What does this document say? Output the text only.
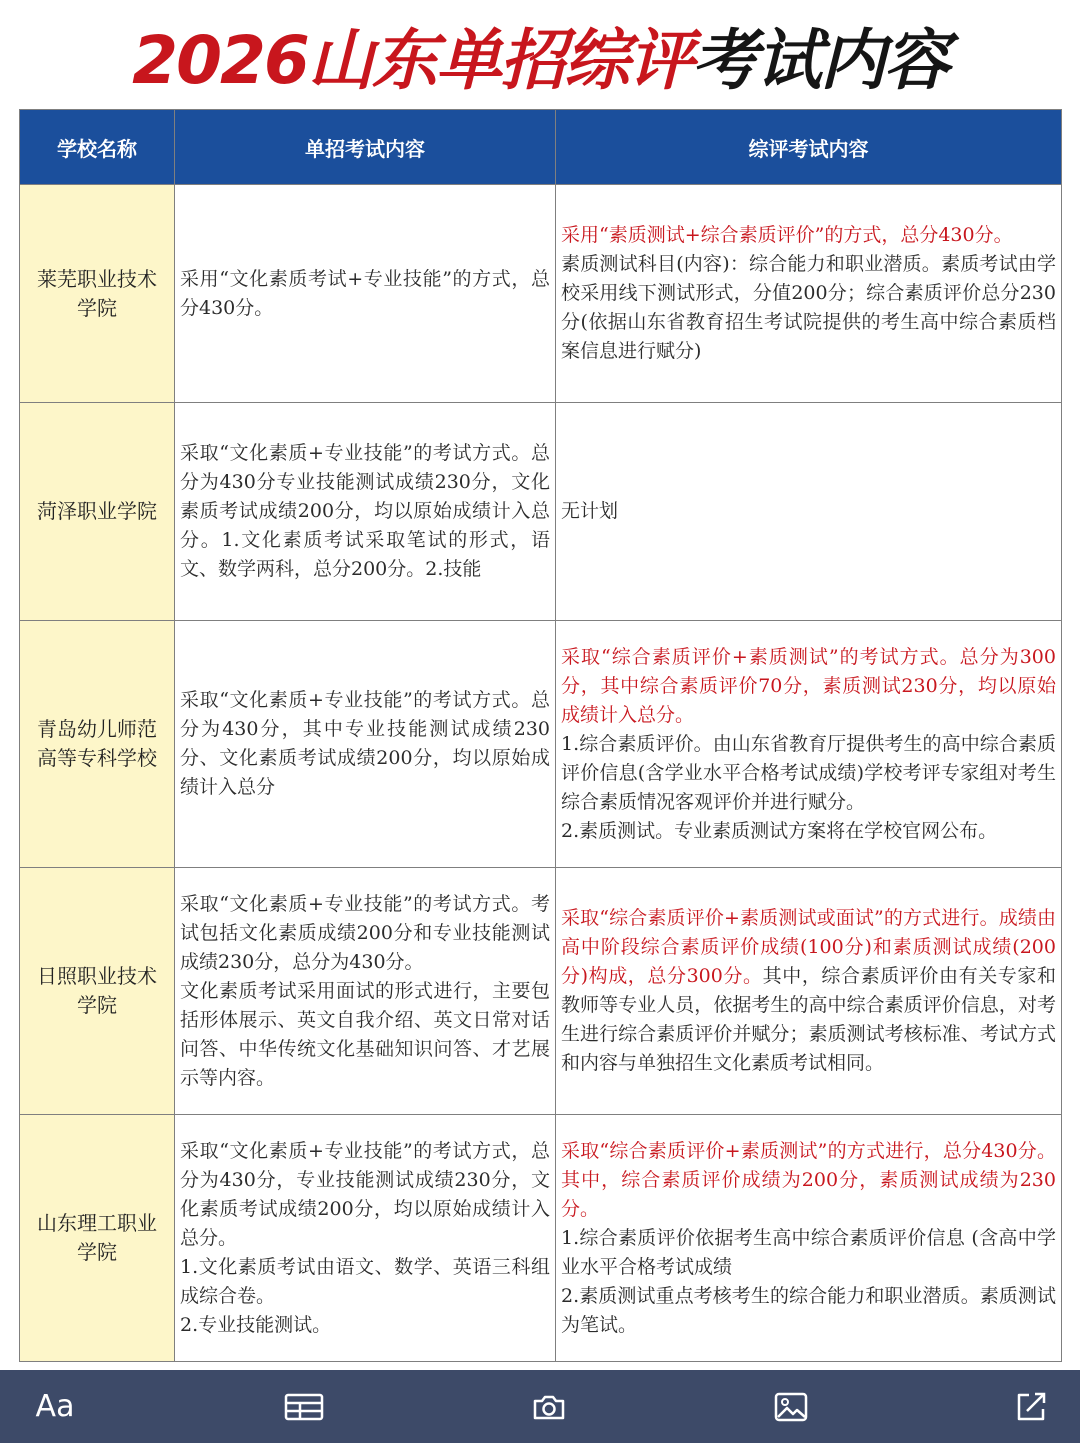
2026山东单招综评考试内容
学校名称	单招考试内容	综评考试内容
莱芜职业技术学院	采用“文化素质考试+专业技能”的方式，总分430分。	采用“素质测试+综合素质评价”的方式，总分430分。
素质测试科目(内容)：综合能力和职业潜质。素质考试由学校采用线下测试形式，分值200分；综合素质评价总分230分(依据山东省教育招生考试院提供的考生高中综合素质档案信息进行赋分)

菏泽职业学院	采取“文化素质+专业技能”的考试方式。总分为430分专业技能测试成绩230分，文化素质考试成绩200分，均以原始成绩计入总分。1.文化素质考试采取笔试的形式，语文、数学两科，总分200分。2.技能	无计划

青岛幼儿师范高等专科学校	采取“文化素质+专业技能”的考试方式。总分为430分，其中专业技能测试成绩230分、文化素质考试成绩200分，均以原始成绩计入总分	采取“综合素质评价+素质测试”的考试方式。总分为300分，其中综合素质评价70分，素质测试230分，均以原始成绩计入总分。
1.综合素质评价。由山东省教育厅提供考生的高中综合素质评价信息(含学业水平合格考试成绩)学校考评专家组对考生综合素质情况客观评价并进行赋分。
2.素质测试。专业素质测试方案将在学校官网公布。

日照职业技术学院	采取“文化素质+专业技能”的考试方式。考试包括文化素质成绩200分和专业技能测试成绩230分，总分为430分。
文化素质考试采用面试的形式进行，主要包括形体展示、英文自我介绍、英文日常对话问答、中华传统文化基础知识问答、才艺展示等内容。	采取“综合素质评价+素质测试或面试”的方式进行。成绩由高中阶段综合素质评价成绩(100分)和素质测试成绩(200分)构成，总分300分。其中，综合素质评价由有关专家和教师等专业人员，依据考生的高中综合素质评价信息，对考生进行综合素质评价并赋分；素质测试考核标准、考试方式和内容与单独招生文化素质考试相同。
山东理工职业学院	采取“文化素质+专业技能”的考试方式，总分为430分，专业技能测试成绩230分，文化素质考试成绩200分，均以原始成绩计入总分。
1.文化素质考试由语文、数学、英语三科组成综合卷。
2.专业技能测试。	采取“综合素质评价+素质测试”的方式进行，总分430分。其中，综合素质评价成绩为200分，素质测试成绩为230分。
1.综合素质评价依据考生高中综合素质评价信息 (含高中学业水平合格考试成绩
2.素质测试重点考核考生的综合能力和职业潜质。素质测试为笔试。
Aa
